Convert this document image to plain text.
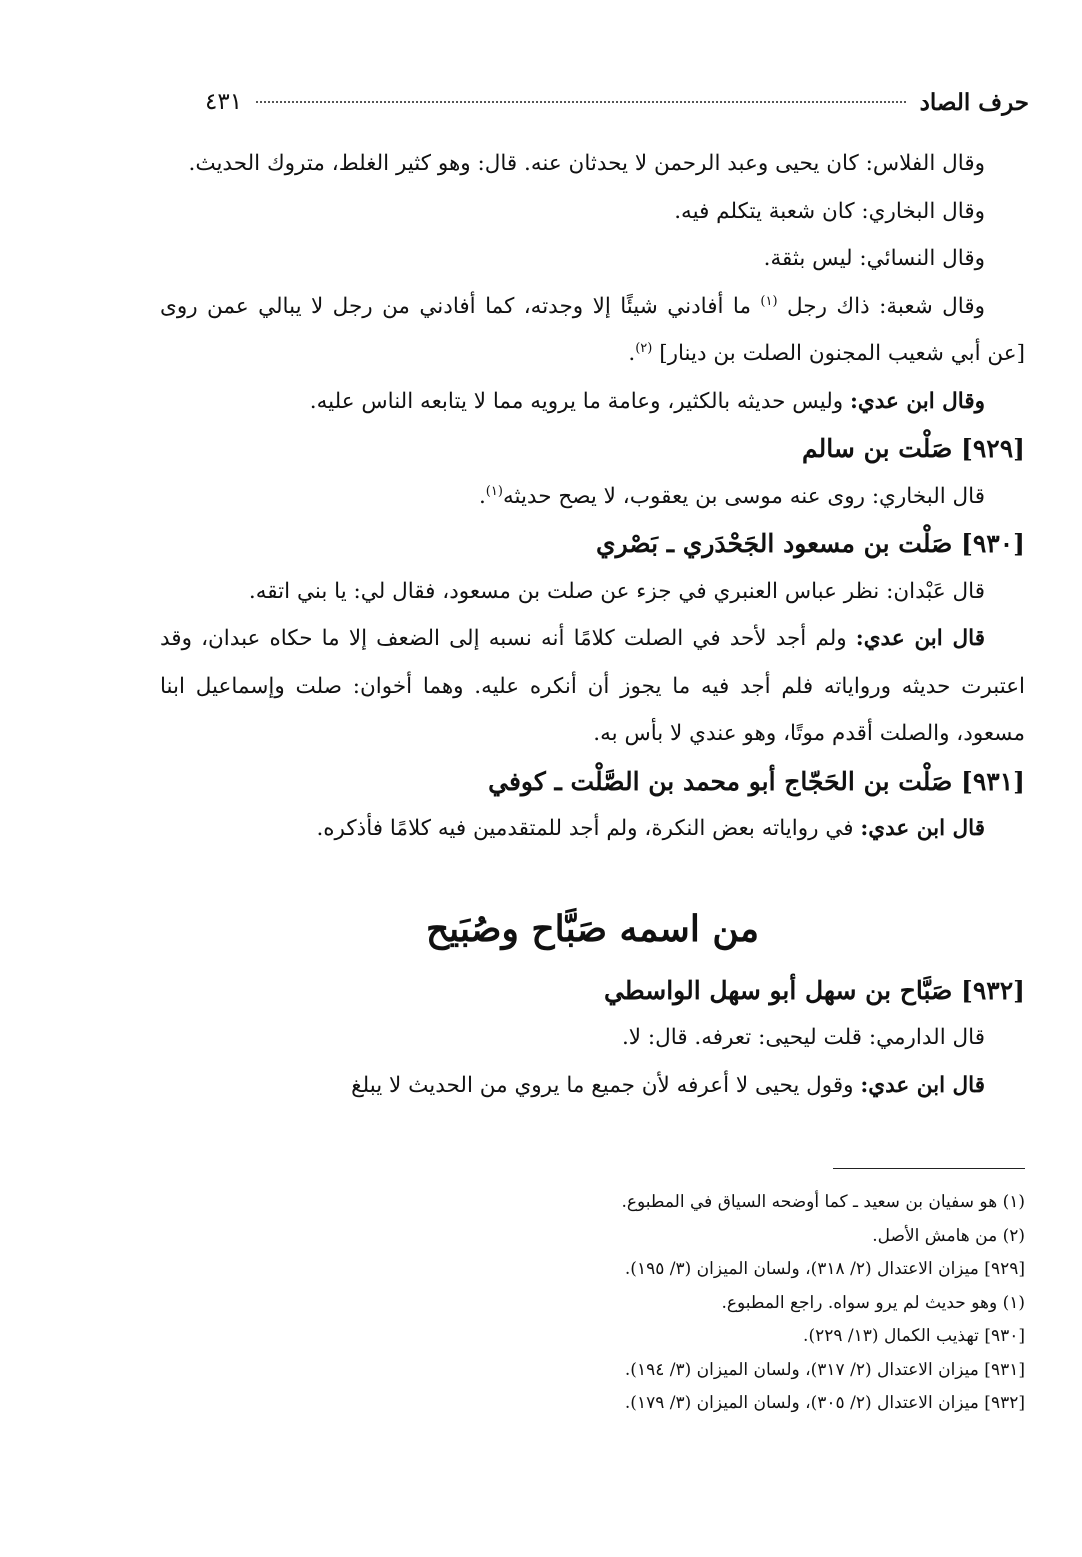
حرف الصاد
٤٣١

وقال الفلاس: كان يحيى وعبد الرحمن لا يحدثان عنه. قال: وهو كثير الغلط، متروك الحديث.

وقال البخاري: كان شعبة يتكلم فيه.

وقال النسائي: ليس بثقة.

وقال شعبة: ذاك رجل $^{(١)}$ ما أفادني شيئًا إلا وجدته، كما أفادني من رجل لا يبالي عمن روى [عن أبي شعيب المجنون الصلت بن دينار] $^{(٢)}$.

وقال ابن عدي: وليس حديثه بالكثير، وعامة ما يرويه مما لا يتابعه الناس عليه.

[٩٢٩] صَلْت بن سالم

قال البخاري: روى عنه موسى بن يعقوب، لا يصح حديثه$^{(١)}$.

[٩٣٠] صَلْت بن مسعود الجَحْدَري ـ بَصْري

قال عَبْدان: نظر عباس العنبري في جزء عن صلت بن مسعود، فقال لي: يا بني اتقه.

قال ابن عدي: ولم أجد لأحد في الصلت كلامًا أنه نسبه إلى الضعف إلا ما حكاه عبدان، وقد اعتبرت حديثه ورواياته فلم أجد فيه ما يجوز أن أنكره عليه. وهما أخوان: صلت وإسماعيل ابنا مسعود، والصلت أقدم موتًا، وهو عندي لا بأس به.

[٩٣١] صَلْت بن الحَجّاج أبو محمد بن الصَّلْت ـ كوفي

قال ابن عدي: في رواياته بعض النكرة، ولم أجد للمتقدمين فيه كلامًا فأذكره.

من اسمه صَبَّاح وصُبَيح

[٩٣٢] صَبَّاح بن سهل أبو سهل الواسطي

قال الدارمي: قلت ليحيى: تعرفه. قال: لا.

قال ابن عدي: وقول يحيى لا أعرفه لأن جميع ما يروي من الحديث لا يبلغ

(١) هو سفيان بن سعيد ـ كما أوضحه السياق في المطبوع.

(٢) من هامش الأصل.

[٩٢٩] ميزان الاعتدال (٢/ ٣١٨)، ولسان الميزان (٣/ ١٩٥).

(١) وهو حديث لم يرو سواه. راجع المطبوع.

[٩٣٠] تهذيب الكمال (١٣/ ٢٢٩).

[٩٣١] ميزان الاعتدال (٢/ ٣١٧)، ولسان الميزان (٣/ ١٩٤).

[٩٣٢] ميزان الاعتدال (٢/ ٣٠٥)، ولسان الميزان (٣/ ١٧٩).
